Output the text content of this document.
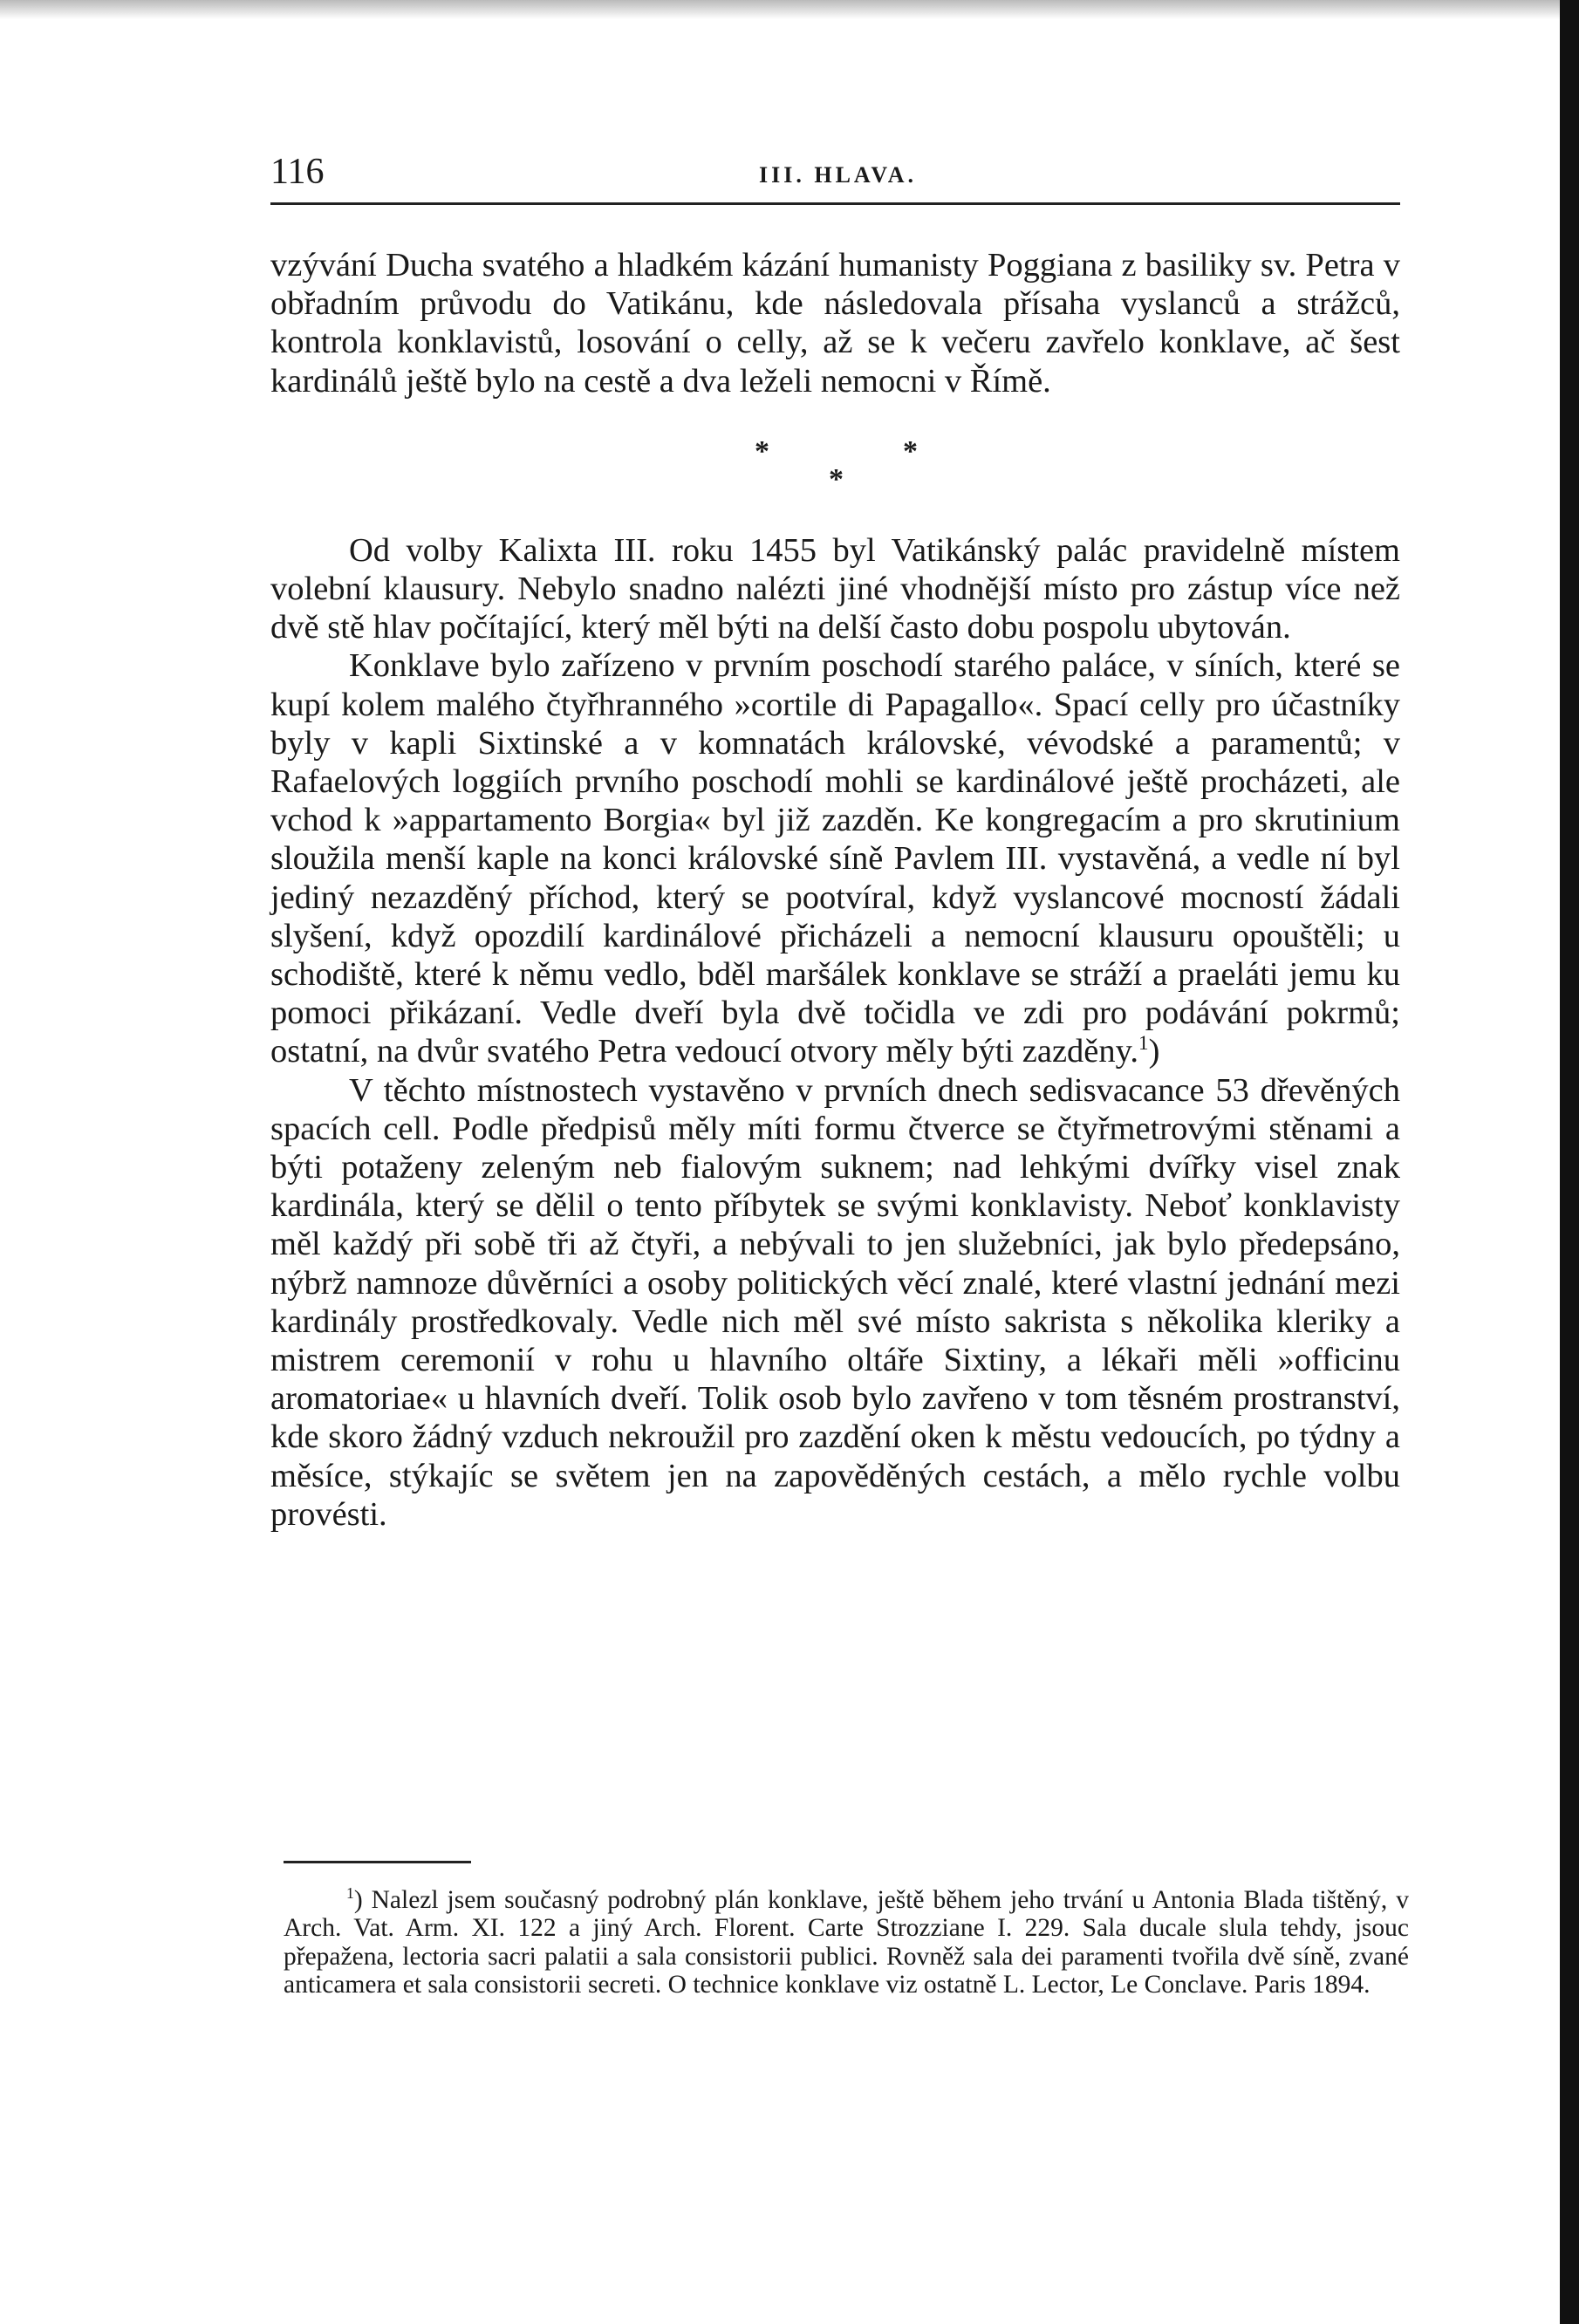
116	III. HLAVA.

vzývání Ducha svatého a hladkém kázání humanisty Poggiana z basiliky sv. Petra v obřadním průvodu do Vatikánu, kde následovala přísaha vyslanců a strážců, kontrola konklavistů, losování o celly, až se k večeru zavřelo konklave, ač šest kardinálů ještě bylo na cestě a dva leželi nemocni v Římě.

*	*
*

Od volby Kalixta III. roku 1455 byl Vatikánský palác pravidelně místem volební klausury. Nebylo snadno nalézti jiné vhodnější místo pro zástup více než dvě stě hlav počítající, který měl býti na delší často dobu pospolu ubytován.

Konklave bylo zařízeno v prvním poschodí starého paláce, v síních, které se kupí kolem malého čtyřhranného »cortile di Papagallo«. Spací celly pro účastníky byly v kapli Sixtinské a v komnatách královské, vévodské a paramentů; v Rafaelových loggiích prvního poschodí mohli se kardinálové ještě procházeti, ale vchod k »appartamento Borgia« byl již zazděn. Ke kongregacím a pro skrutinium sloužila menší kaple na konci královské síně Pavlem III. vystavěná, a vedle ní byl jediný nezazděný příchod, který se pootvíral, když vyslancové mocností žádali slyšení, když opozdilí kardinálové přicházeli a nemocní klausuru opouštěli; u schodiště, které k němu vedlo, bděl maršálek konklave se stráží a praeláti jemu ku pomoci přikázaní. Vedle dveří byla dvě točidla ve zdi pro podávání pokrmů; ostatní, na dvůr svatého Petra vedoucí otvory měly býti zazděny.$^1$)

V těchto místnostech vystavěno v prvních dnech sedisvacance 53 dřevěných spacích cell. Podle předpisů měly míti formu čtverce se čtyřmetrovými stěnami a býti potaženy zeleným neb fialovým suknem; nad lehkými dvířky visel znak kardinála, který se dělil o tento příbytek se svými konklavisty. Neboť konklavisty měl každý při sobě tři až čtyři, a nebývali to jen služebníci, jak bylo předepsáno, nýbrž namnoze důvěrníci a osoby politických věcí znalé, které vlastní jednání mezi kardinály prostředkovaly. Vedle nich měl své místo sakrista s několika kleriky a mistrem ceremonií v rohu u hlavního oltáře Sixtiny, a lékaři měli »officinu aromatoriae« u hlavních dveří. Tolik osob bylo zavřeno v tom těsném prostranství, kde skoro žádný vzduch nekroužil pro zazdění oken k městu vedoucích, po týdny a měsíce, stýkajíc se světem jen na zapověděných cestách, a mělo rychle volbu provésti.

$^1$) Nalezl jsem současný podrobný plán konklave, ještě během jeho trvání u Antonia Blada tištěný, v Arch. Vat. Arm. XI. 122 a jiný Arch. Florent. Carte Strozziane I. 229. Sala ducale slula tehdy, jsouc přepažena, lectoria sacri palatii a sala consistorii publici. Rovněž sala dei paramenti tvořila dvě síně, zvané anticamera et sala consistorii secreti. O technice konklave viz ostatně L. Lector, Le Conclave. Paris 1894.
